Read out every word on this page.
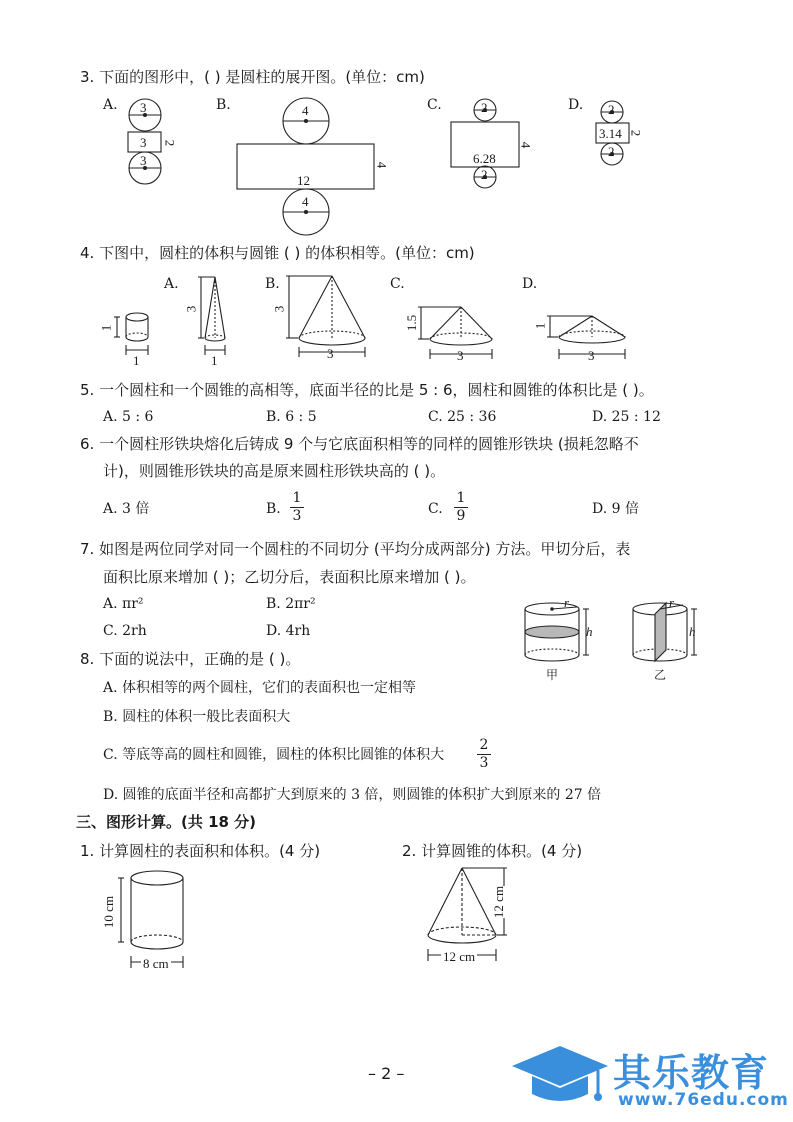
3. 下面的图形中，( ) 是圆柱的展开图。(单位：cm)
A.	B.	C.	D.
3
3
3
2
4
12
4
4
2
6.28
2
4
2
3.14
2
2
4. 下图中，圆柱的体积与圆锥 ( ) 的体积相等。(单位：cm)
A.	B.	C.	D.
1
1
3
1
3
3
1.5
3
1
3
5. 一个圆柱和一个圆锥的高相等，底面半径的比是 5 : 6，圆柱和圆锥的体积比是 ( )。
A. 5 : 6	B. 6 : 5	C. 25 : 36	D. 25 : 12
6. 一个圆柱形铁块熔化后铸成 9 个与它底面积相等的同样的圆锥形铁块 (损耗忽略不
计)，则圆锥形铁块的高是原来圆柱形铁块高的 ( )。
A. 3 倍	B.
1
3	C.
1
9	D. 9 倍
7. 如图是两位同学对同一个圆柱的不同切分 (平均分成两部分) 方法。甲切分后，表
面积比原来增加 ( )；乙切分后，表面积比原来增加 ( )。
A. πr²	B. 2πr²
C. 2rh	D. 4rh
r
h
甲
r
h
乙
8. 下面的说法中，正确的是 ( )。
A. 体积相等的两个圆柱，它们的表面积也一定相等
B. 圆柱的体积一般比表面积大
C. 等底等高的圆柱和圆锥，圆柱的体积比圆锥的体积大
2
3
D. 圆锥的底面半径和高都扩大到原来的 3 倍，则圆锥的体积扩大到原来的 27 倍
三、图形计算。(共 18 分)
1. 计算圆柱的表面积和体积。(4 分)	2. 计算圆锥的体积。(4 分)
10 cm
8 cm
12 cm
12 cm
– 2 –	其乐教育
www.76edu.com
